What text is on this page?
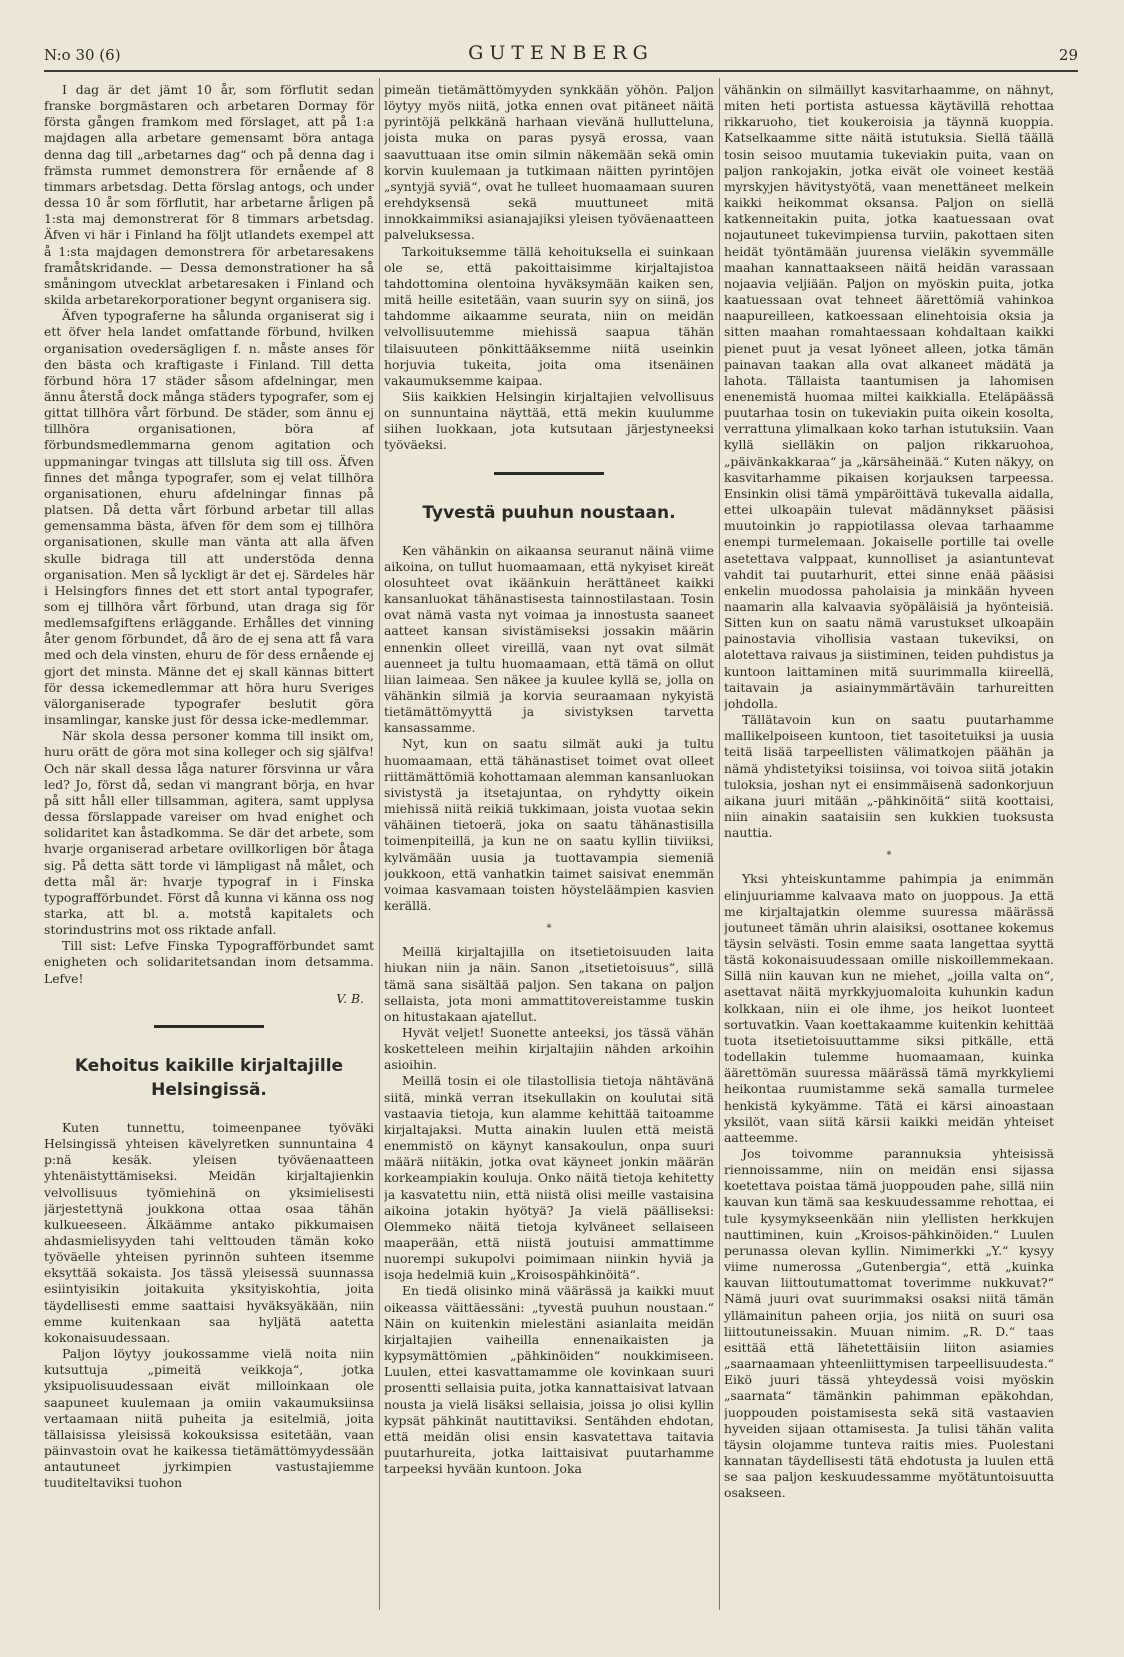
N:o 30 (6)	GUTENBERG	29

I dag är det jämt 10 år, som förflutit sedan franske borgmästaren och arbetaren Dormay för första gången framkom med förslaget, att på 1:a majdagen alla arbetare gemensamt böra antaga denna dag till „arbetarnes dag“ och på denna dag i främsta rummet demonstrera för ernående af 8 timmars arbetsdag. Detta förslag antogs, och under dessa 10 år som förflutit, har arbetarne årligen på 1:sta maj demonstrerat för 8 timmars arbetsdag. Äfven vi här i Finland ha följt utlandets exempel att å 1:sta majdagen demonstrera för arbetaresakens framåtskridande. — Dessa demonstrationer ha så småningom utvecklat arbetaresaken i Finland och skilda arbetarekorporationer begynt organisera sig.

Äfven typograferne ha sålunda organiserat sig i ett öfver hela landet omfattande förbund, hvilken organisation ovedersägligen f. n. måste anses för den bästa och kraftigaste i Finland. Till detta förbund höra 17 städer såsom afdelningar, men ännu återstå dock många städers typografer, som ej gittat tillhöra vårt förbund. De städer, som ännu ej tillhöra organisationen, böra af förbundsmedlemmarna genom agitation och uppmaningar tvingas att tillsluta sig till oss. Äfven finnes det många typografer, som ej velat tillhöra organisationen, ehuru afdelningar finnas på platsen. Då detta vårt förbund arbetar till allas gemensamma bästa, äfven för dem som ej tillhöra organisationen, skulle man vänta att alla äfven skulle bidraga till att understöda denna organisation. Men så lyckligt är det ej. Särdeles här i Helsingfors finnes det ett stort antal typografer, som ej tillhöra vårt förbund, utan draga sig för medlemsafgiftens erläggande. Erhålles det vinning åter genom förbundet, då äro de ej sena att få vara med och dela vinsten, ehuru de för dess ernående ej gjort det minsta. Männe det ej skall kännas bittert för dessa ickemedlemmar att höra huru Sveriges välorganiserade typografer beslutit göra insamlingar, kanske just för dessa icke-medlemmar.

När skola dessa personer komma till insikt om, huru orätt de göra mot sina kolleger och sig själfva! Och när skall dessa låga naturer försvinna ur våra led? Jo, först då, sedan vi mangrant börja, en hvar på sitt håll eller tillsamman, agitera, samt upplysa dessa förslappade vareiser om hvad enighet och solidaritet kan åstadkomma. Se där det arbete, som hvarje organiserad arbetare ovillkorligen bör åtaga sig. På detta sätt torde vi lämpligast nå målet, och detta mål är: hvarje typograf in i Finska typografförbundet. Först då kunna vi känna oss nog starka, att bl. a. motstå kapitalets och storindustrins mot oss riktade anfall.

Till sist: Lefve Finska Typografförbundet samt enigheten och solidaritetsandan inom detsamma. Lefve!

V. B.
Kehoitus kaikille kirjaltajille Helsingissä.

Kuten tunnettu, toimeenpanee työväki Helsingissä yhteisen kävelyretken sunnuntaina 4 p:nä kesäk. yleisen työväenaatteen yhtenäistyttämiseksi. Meidän kirjaltajienkin velvollisuus työmiehinä on yksimielisesti järjestettynä joukkona ottaa osaa tähän kulkueeseen. Älkäämme antako pikkumaisen ahdasmielisyyden tahi velttouden tämän koko työväelle yhteisen pyrinnön suhteen itsemme eksyttää sokaista. Jos tässä yleisessä suunnassa esiintyisikin joitakuita yksityiskohtia, joita täydellisesti emme saattaisi hyväksyäkään, niin emme kuitenkaan saa hyljätä aatetta kokonaisuudessaan.

Paljon löytyy joukossamme vielä noita niin kutsuttuja „pimeitä veikkoja“, jotka yksipuolisuudessaan eivät milloinkaan ole saapuneet kuulemaan ja omiin vakaumuksiinsa vertaamaan niitä puheita ja esitelmiä, joita tällaisissa yleisissä kokouksissa esitetään, vaan päinvastoin ovat he kaikessa tietämättömyydessään antautuneet jyrkimpien vastustajiemme tuuditeltaviksi tuohon

pimeän tietämättömyyden synkkään yöhön. Paljon löytyy myös niitä, jotka ennen ovat pitäneet näitä pyrintöjä pelkkänä harhaan vievänä hullutteluna, joista muka on paras pysyä erossa, vaan saavuttuaan itse omin silmin näkemään sekä omin korvin kuulemaan ja tutkimaan näitten pyrintöjen „syntyjä syviä“, ovat he tulleet huomaamaan suuren erehdyksensä sekä muuttuneet mitä innokkaimmiksi asianajajiksi yleisen työväenaatteen palveluksessa.

Tarkoituksemme tällä kehoituksella ei suinkaan ole se, että pakoittaisimme kirjaltajistoa tahdottomina olentoina hyväksymään kaiken sen, mitä heille esitetään, vaan suurin syy on siinä, jos tahdomme aikaamme seurata, niin on meidän velvollisuutemme miehissä saapua tähän tilaisuuteen pönkittääksemme niitä useinkin horjuvia tukeita, joita oma itsenäinen vakaumuksemme kaipaa.

Siis kaikkien Helsingin kirjaltajien velvollisuus on sunnuntaina näyttää, että mekin kuulumme siihen luokkaan, jota kutsutaan järjestyneeksi työväeksi.

Tyvestä puuhun noustaan.

Ken vähänkin on aikaansa seuranut näinä viime aikoina, on tullut huomaamaan, että nykyiset kireät olosuhteet ovat ikäänkuin herättäneet kaikki kansanluokat tähänastisesta tainnostilastaan. Tosin ovat nämä vasta nyt voimaa ja innostusta saaneet aatteet kansan sivistämiseksi jossakin määrin ennenkin olleet vireillä, vaan nyt ovat silmät auenneet ja tultu huomaamaan, että tämä on ollut liian laimeaa. Sen näkee ja kuulee kyllä se, jolla on vähänkin silmiä ja korvia seuraamaan nykyistä tietämättömyyttä ja sivistyksen tarvetta kansassamme.

Nyt, kun on saatu silmät auki ja tultu huomaamaan, että tähänastiset toimet ovat olleet riittämättömiä kohottamaan alemman kansanluokan sivistystä ja itsetajuntaa, on ryhdytty oikein miehissä niitä reikiä tukkimaan, joista vuotaa sekin vähäinen tietoerä, joka on saatu tähänastisilla toimenpiteillä, ja kun ne on saatu kyllin tiiviiksi, kylvämään uusia ja tuottavampia siemeniä joukkoon, että vanhatkin taimet saisivat enemmän voimaa kasvamaan toisten höysteläämpien kasvien kerällä.

*

Meillä kirjaltajilla on itsetietoisuuden laita hiukan niin ja näin. Sanon „itsetietoisuus“, sillä tämä sana sisältää paljon. Sen takana on paljon sellaista, jota moni ammattitovereistamme tuskin on hitustakaan ajatellut.

Hyvät veljet! Suonette anteeksi, jos tässä vähän kosketteleen meihin kirjaltajiin nähden arkoihin asioihin.

Meillä tosin ei ole tilastollisia tietoja nähtävänä siitä, minkä verran itsekullakin on koulutai sitä vastaavia tietoja, kun alamme kehittää taitoamme kirjaltajaksi. Mutta ainakin luulen että meistä enemmistö on käynyt kansakoulun, onpa suuri määrä niitäkin, jotka ovat käyneet jonkin määrän korkeampiakin kouluja. Onko näitä tietoja kehitetty ja kasvatettu niin, että niistä olisi meille vastaisina aikoina jotakin hyötyä? Ja vielä päälliseksi: Olemmeko näitä tietoja kylväneet sellaiseen maaperään, että niistä joutuisi ammattimme nuorempi sukupolvi poimimaan niinkin hyviä ja isoja hedelmiä kuin „Kroisospähkinöitä“.

En tiedä olisinko minä väärässä ja kaikki muut oikeassa väittäessäni: „tyvestä puuhun noustaan.“ Näin on kuitenkin mielestäni asianlaita meidän kirjaltajien vaiheilla ennenaikaisten ja kypsymättömien „pähkinöiden“ noukkimiseen. Luulen, ettei kasvattamamme ole kovinkaan suuri prosentti sellaisia puita, jotka kannattaisivat latvaan nousta ja vielä lisäksi sellaisia, joissa jo olisi kyllin kypsät pähkinät nautittaviksi. Sentähden ehdotan, että meidän olisi ensin kasvatettava taitavia puutarhureita, jotka laittaisivat puutarhamme tarpeeksi hyvään kuntoon. Joka

vähänkin on silmäillyt kasvitarhaamme, on nähnyt, miten heti portista astuessa käytävillä rehottaa rikkaruoho, tiet koukeroisia ja täynnä kuoppia. Katselkaamme sitte näitä istutuksia. Siellä täällä tosin seisoo muutamia tukeviakin puita, vaan on paljon rankojakin, jotka eivät ole voineet kestää myrskyjen hävitystyötä, vaan menettäneet melkein kaikki heikommat oksansa. Paljon on siellä katkenneitakin puita, jotka kaatuessaan ovat nojautuneet tukevimpiensa turviin, pakottaen siten heidät työntämään juurensa vieläkin syvemmälle maahan kannattaakseen näitä heidän varassaan nojaavia veljiään. Paljon on myöskin puita, jotka kaatuessaan ovat tehneet äärettömiä vahinkoa naapureilleen, katkoessaan elinehtoisia oksia ja sitten maahan romahtaessaan kohdaltaan kaikki pienet puut ja vesat lyöneet alleen, jotka tämän painavan taakan alla ovat alkaneet mädätä ja lahota. Tällaista taantumisen ja lahomisen enenemistä huomaa miltei kaikkialla. Eteläpäässä puutarhaa tosin on tukeviakin puita oikein kosolta, verrattuna ylimalkaan koko tarhan istutuksiin. Vaan kyllä sielläkin on paljon rikkaruohoa, „päivänkakkaraa“ ja „kärsäheinää.“ Kuten näkyy, on kasvitarhamme pikaisen korjauksen tarpeessa. Ensinkin olisi tämä ympäröittävä tukevalla aidalla, ettei ulkoapäin tulevat mädännykset pääsisi muutoinkin jo rappiotilassa olevaa tarhaamme enempi turmelemaan. Jokaiselle portille tai ovelle asetettava valppaat, kunnolliset ja asiantuntevat vahdit tai puutarhurit, ettei sinne enää pääsisi enkelin muodossa paholaisia ja minkään hyveen naamarin alla kalvaavia syöpäläisiä ja hyönteisiä. Sitten kun on saatu nämä varustukset ulkoapäin painostavia vihollisia vastaan tukeviksi, on alotettava raivaus ja siistiminen, teiden puhdistus ja kuntoon laittaminen mitä suurimmalla kiireellä, taitavain ja asiainymmärtäväin tarhureitten johdolla.

Tällätavoin kun on saatu puutarhamme mallikelpoiseen kuntoon, tiet tasoitetuiksi ja uusia teitä lisää tarpeellisten välimatkojen päähän ja nämä yhdistetyiksi toisiinsa, voi toivoa siitä jotakin tuloksia, joshan nyt ei ensimmäisenä sadonkorjuun aikana juuri mitään „-pähkinöitä“ siitä koottaisi, niin ainakin saataisiin sen kukkien tuoksusta nauttia.

*

Yksi yhteiskuntamme pahimpia ja enimmän elinjuuriamme kalvaava mato on juoppous. Ja että me kirjaltajatkin olemme suuressa määrässä joutuneet tämän uhrin alaisiksi, osottanee kokemus täysin selvästi. Tosin emme saata langettaa syyttä tästä kokonaisuudessaan omille niskoillemmekaan. Sillä niin kauvan kun ne miehet, „joilla valta on“, asettavat näitä myrkkyjuomaloita kuhunkin kadun kolkkaan, niin ei ole ihme, jos heikot luonteet sortuvatkin. Vaan koettakaamme kuitenkin kehittää tuota itsetietoisuuttamme siksi pitkälle, että todellakin tulemme huomaamaan, kuinka äärettömän suuressa määrässä tämä myrkkyliemi heikontaa ruumistamme sekä samalla turmelee henkistä kykyämme. Tätä ei kärsi ainoastaan yksilöt, vaan siitä kärsii kaikki meidän yhteiset aatteemme.

Jos toivomme parannuksia yhteisissä riennoissamme, niin on meidän ensi sijassa koetettava poistaa tämä juoppouden pahe, sillä niin kauvan kun tämä saa keskuudessamme rehottaa, ei tule kysymykseenkään niin ylellisten herkkujen nauttiminen, kuin „Kroisos-pähkinöiden.“ Luulen perunassa olevan kyllin. Nimimerkki „Y.“ kysyy viime numerossa „Gutenbergia“, että „kuinka kauvan liittoutumattomat toverimme nukkuvat?“ Nämä juuri ovat suurimmaksi osaksi niitä tämän yllämainitun paheen orjia, jos niitä on suuri osa liittoutuneissakin. Muuan nimim. „R. D.“ taas esittää että lähetettäisiin liiton asiamies „saarnaamaan yhteenliittymisen tarpeellisuudesta.“ Eikö juuri tässä yhteydessä voisi myöskin „saarnata“ tämänkin pahimman epäkohdan, juoppouden poistamisesta sekä sitä vastaavien hyveiden sijaan ottamisesta. Ja tulisi tähän valita täysin olojamme tunteva raitis mies. Puolestani kannatan täydellisesti tätä ehdotusta ja luulen että se saa paljon keskuudessamme myötätuntoisuutta osakseen.
